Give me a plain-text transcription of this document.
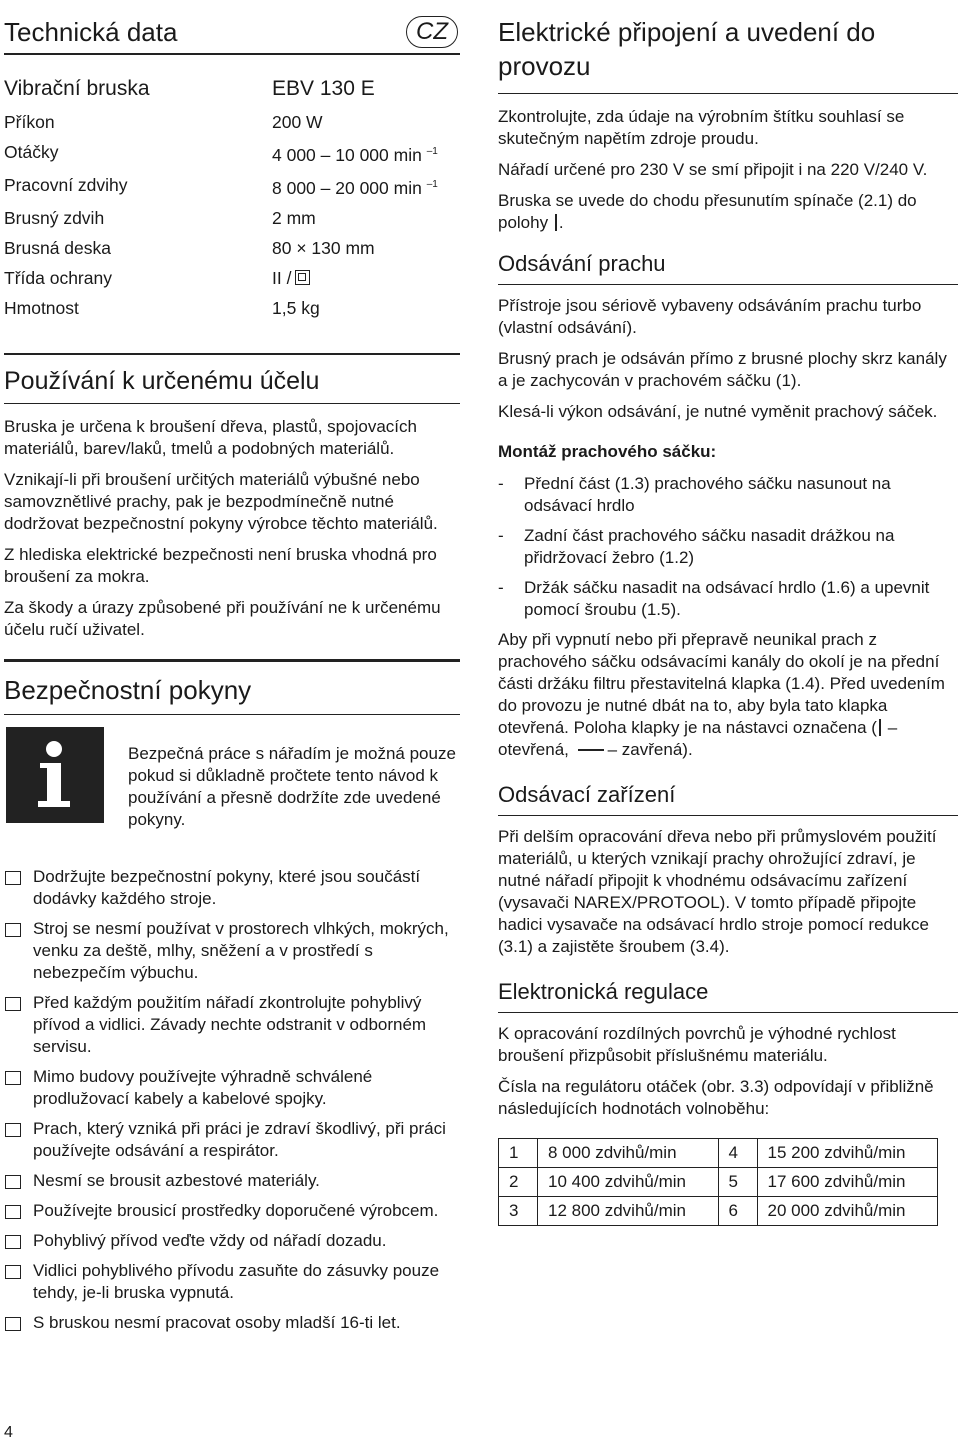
Technická data	CZ
Vibrační bruska	EBV 130 E
Příkon	200 W
Otáčky	4 000 – 10 000 min $^{-1}$
Pracovní zdvihy	8 000 – 20 000 min $^{-1}$
Brusný zdvih	2 mm
Brusná deska	80 × 130 mm
Třída ochrany	II /
Hmotnost	1,5 kg
Používání k určenému účelu

Bruska je určena k broušení dřeva, plastů, spojovacích materiálů, barev/laků, tmelů a podobných materiálů.

Vznikají-li při broušení určitých materiálů výbušné nebo samovznětlivé prachy, pak je bezpodmínečně nutné dodržovat bezpečnostní pokyny výrobce těchto materiálů.

Z hlediska elektrické bezpečnosti není bruska vhodná pro broušení za mokra.

Za škody a úrazy způsobené při používání ne k určenému účelu ručí uživatel.

Bezpečnostní pokyny

Bezpečná práce s nářadím je možná pouze pokud si důkladně pročtete tento návod k používání a přesně dodržíte zde uvedené pokyny.

Dodržujte bezpečnostní pokyny, které jsou součástí dodávky každého stroje.
Stroj se nesmí používat v prostorech vlhkých, mokrých, venku za deště, mlhy, sněžení a v prostředí s nebezpečím výbuchu.
Před každým použitím nářadí zkontrolujte pohyblivý přívod a vidlici. Závady nechte odstranit v odborném servisu.
Mimo budovy používejte výhradně schválené prodlužovací kabely a kabelové spojky.
Prach, který vzniká při práci je zdraví škodlivý, při práci používejte odsávání a respirátor.
Nesmí se brousit azbestové materiály.
Používejte brousicí prostředky doporučené výrobcem.
Pohyblivý přívod veďte vždy od nářadí dozadu.
Vidlici pohyblivého přívodu zasuňte do zásuvky pouze tehdy, je-li bruska vypnutá.
S bruskou nesmí pracovat osoby mladší 16-ti let.
4
Elektrické připojení a uvedení do provozu

Zkontrolujte, zda údaje na výrobním štítku souhlasí se skutečným napětím zdroje proudu.

Nářadí určené pro 230 V se smí připojit i na 220 V/240 V.

Bruska se uvede do chodu přesunutím spínače (2.1) do polohy .

Odsávání prachu

Přístroje jsou sériově vybaveny odsáváním prachu turbo (vlastní odsávání).

Brusný prach je odsáván přímo z brusné plochy skrz kanály a je zachycován v prachovém sáčku (1).

Klesá-li výkon odsávání, je nutné vyměnit prachový sáček.

Montáž prachového sáčku:

-	Přední část (1.3) prachového sáčku nasunout na odsávací hrdlo
-	Zadní část prachového sáčku nasadit drážkou na přidržovací žebro (1.2)
-	Držák sáčku nasadit na odsávací hrdlo (1.6) a upevnit pomocí šroubu (1.5).

Aby při vypnutí nebo při přepravě neunikal prach z prachového sáčku odsávacími kanály do okolí je na přední části držáku filtru přestavitelná klapka (1.4). Před uvedením do provozu je nutné dbát na to, aby byla tato klapka otevřená. Poloha klapky je na nástavci označena ( – otevřená, – zavřená).

Odsávací zařízení

Při delším opracování dřeva nebo při průmyslovém použití materiálů, u kterých vznikají prachy ohrožující zdraví, je nutné nářadí připojit k vhodnému odsávacímu zařízení (vysavači NAREX/PROTOOL). V tomto případě připojte hadici vysavače na odsávací hrdlo stroje pomocí redukce (3.1) a zajistěte šroubem (3.4).

Elektronická regulace

K opracování rozdílných povrchů je výhodné rychlost broušení přizpůsobit příslušnému materiálu.

Čísla na regulátoru otáček (obr. 3.3) odpovídají v přibližně následujících hodnotách volnoběhu:

1	8 000 zdvihů/min	4	15 200 zdvihů/min
2	10 400 zdvihů/min	5	17 600 zdvihů/min
3	12 800 zdvihů/min	6	20 000 zdvihů/min
